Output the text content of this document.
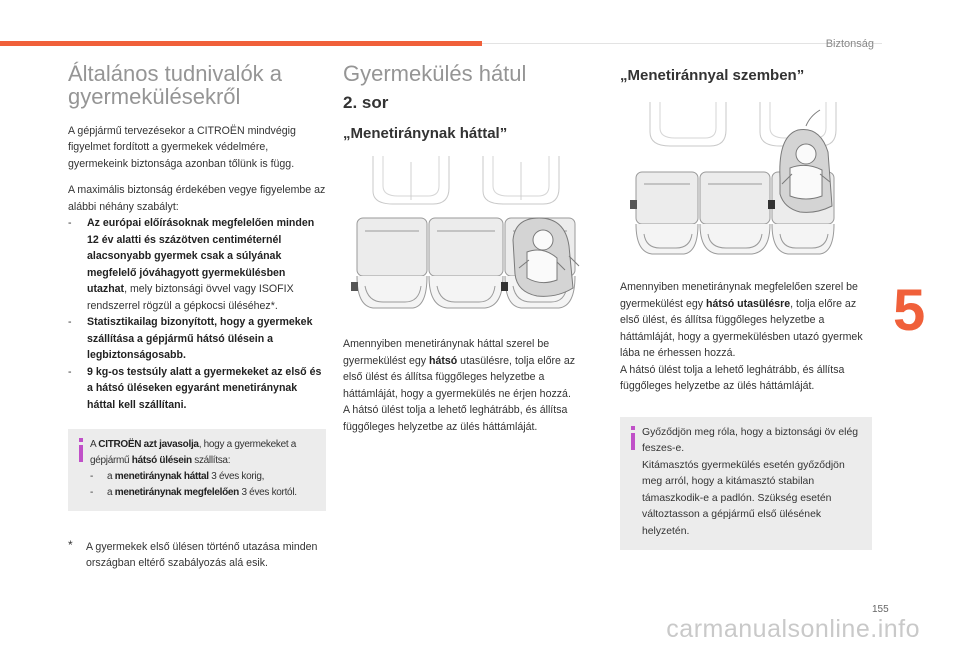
Biztonság
5
155
carmanualsonline.info
Általános tudnivalók a
gyermekülésekről

A gépjármű tervezésekor a CITROËN mindvégig figyelmet fordított a gyermekek védelmére, gyermekeink biztonsága azonban tőlünk is függ.

A maximális biztonság érdekében vegye figyelembe az alábbi néhány szabályt:

- Az európai előírásoknak megfelelően minden 12 év alatti és százötven centiméternél alacsonyabb gyermek csak a súlyának megfelelő jóváhagyott gyermekülésben utazhat, mely biztonsági övvel vagy ISOFIX rendszerrel rögzül a gépkocsi üléséhez*.
- Statisztikailag bizonyított, hogy a gyermekek szállítása a gépjármű hátsó ülésein a legbiztonságosabb.
- 9 kg-os testsúly alatt a gyermekeket az első és a hátsó üléseken egyaránt menetiránynak háttal kell szállítani.
A CITROËN azt javasolja, hogy a gyermekeket a gépjármű hátsó ülésein szállítsa:
- a menetiránynak háttal 3 éves korig,
- a menetiránynak megfelelően 3 éves kortól.
* A gyermekek első ülésen történő utazása minden országban eltérő szabályozás alá esik.
Gyermekülés hátul
2. sor
„Menetiránynak háttal”

Amennyiben menetiránynak háttal szerel be gyermekülést egy hátsó utasülésre, tolja előre az első ülést és állítsa függőleges helyzetbe a háttámláját, hogy a gyermekülés ne érjen hozzá.
A hátsó ülést tolja a lehető leghátrább, és állítsa függőleges helyzetbe az ülés háttámláját.

„Menetiránnyal szemben”

Amennyiben menetiránynak megfelelően szerel be gyermekülést egy hátsó utasülésre, tolja előre az első ülést, és állítsa függőleges helyzetbe a háttámláját, hogy a gyermekülésben utazó gyermek lába ne érhessen hozzá.
A hátsó ülést tolja a lehető leghátrább, és állítsa függőleges helyzetbe az ülés háttámláját.

Győződjön meg róla, hogy a biztonsági öv elég feszes-e.
Kitámasztós gyermekülés esetén győződjön meg arról, hogy a kitámasztó stabilan támaszkodik-e a padlón. Szükség esetén változtasson a gépjármű első ülésének helyzetén.
